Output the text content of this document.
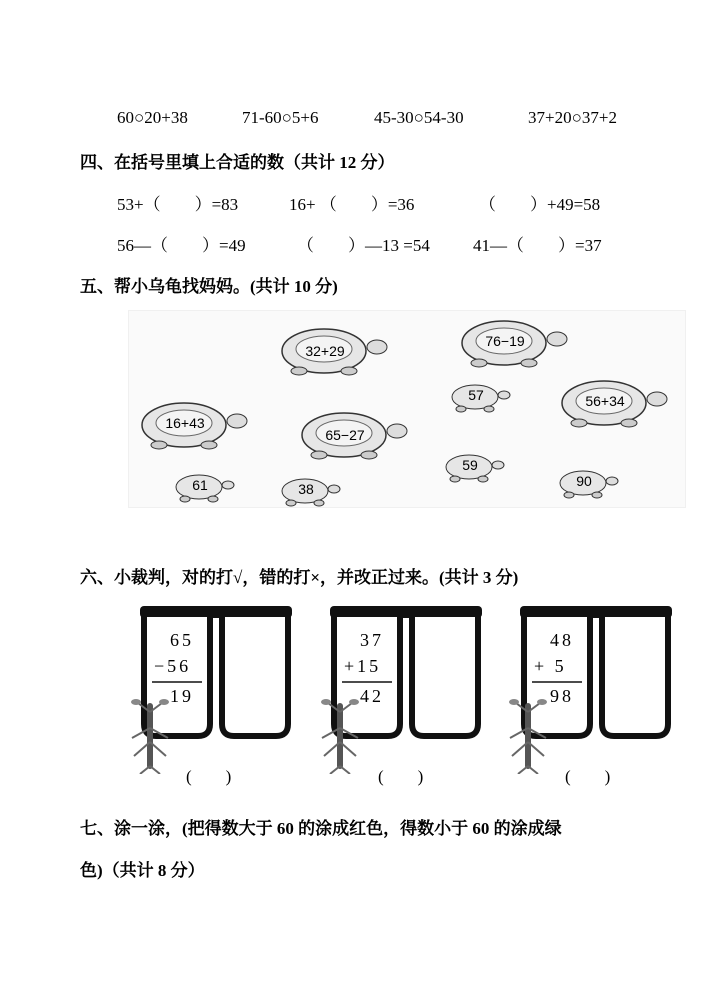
60○20+38	71-60○5+6	45-30○54-30	37+20○37+2
四、在括号里填上合适的数（共计 12 分）
53+（　　）=83	16+ （　　）=36	（　　）+49=58
56—（　　）=49	（　　）—13 =54	41—（　　）=37
五、帮小乌龟找妈妈。(共计 10 分)
32+29
76−19
16+43
65−27
56+34
57
61	38
59
90
六、小裁判，对的打√，错的打×，并改正过来。(共计 3 分)
65
−56
19
37
+15
42
48
+ 5
98
(　　)	(　　)	(　　)
七、涂一涂，(把得数大于 60 的涂成红色，得数小于 60 的涂成绿
色)（共计 8 分）
